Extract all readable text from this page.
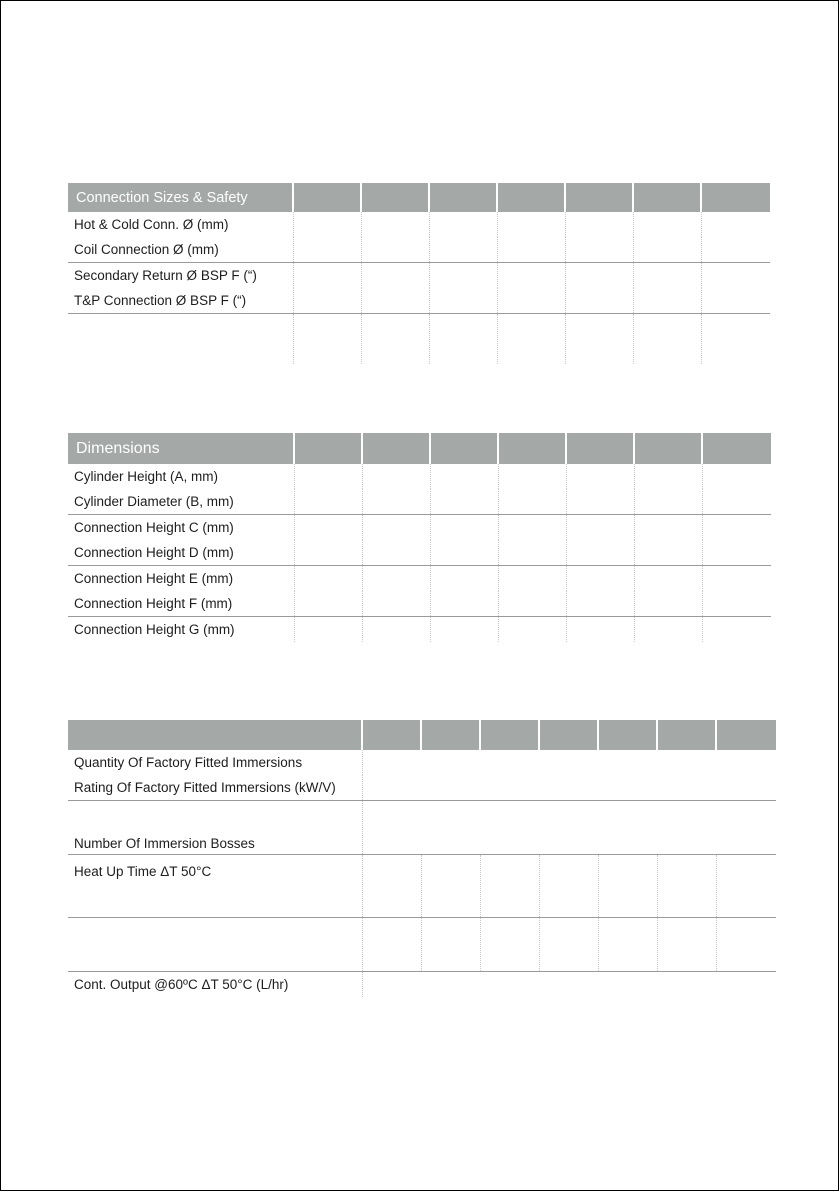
Connection Sizes & Safety							
Hot & Cold Conn. Ø (mm)							
Coil Connection Ø (mm)							
Secondary Return Ø BSP F (“)							
T&P Connection Ø BSP F (“)							

Dimensions							
Cylinder Height (A, mm)							
Cylinder Diameter (B, mm)							
Connection Height C (mm)							
Connection Height D (mm)							
Connection Height E (mm)							
Connection Height F (mm)							
Connection Height G (mm)							

Quantity Of Factory Fitted Immersions							
Rating Of Factory Fitted Immersions (kW/V)							
Number Of Immersion Bosses							
Heat Up Time ΔT 50°C							

Cont. Output @60ºC ΔT 50°C (L/hr)							
